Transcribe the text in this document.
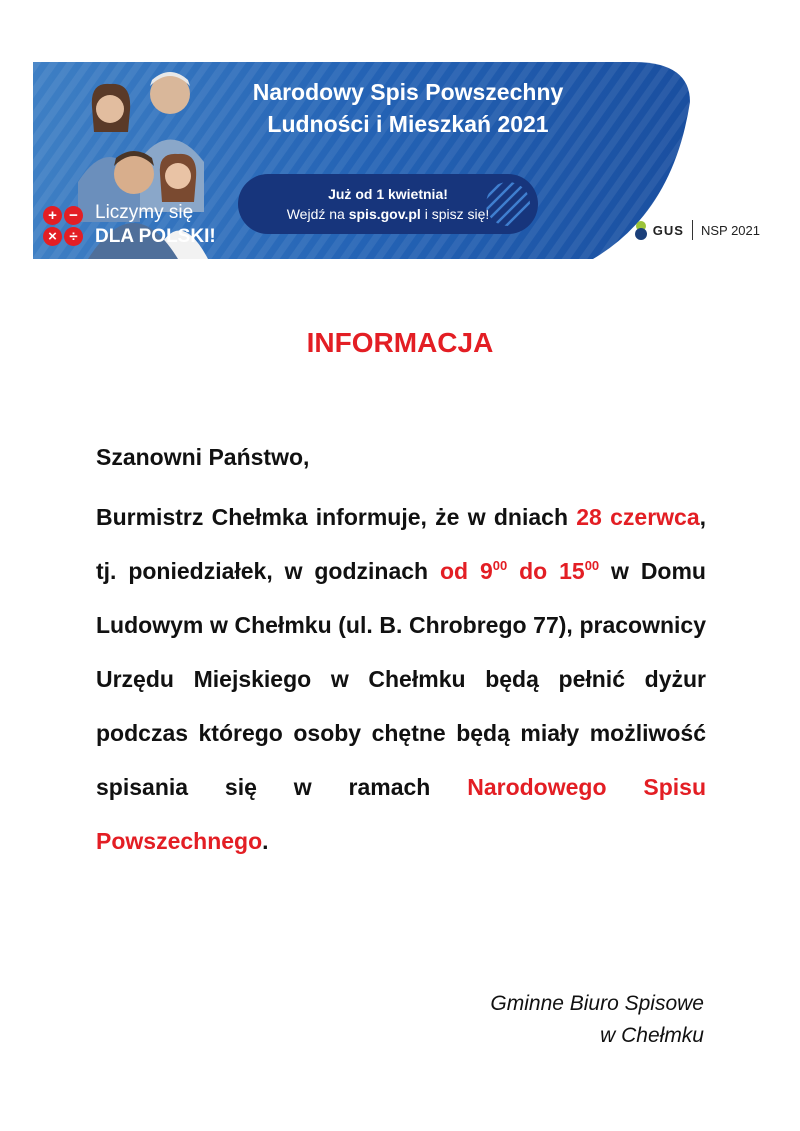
Narodowy Spis Powszechny
Ludności i Mieszkań 2021
Już od 1 kwietnia!
Wejdź na spis.gov.pl i spisz się!
+ −
× ÷
Liczymy się
DLA POLSKI!	GUS NSP 2021
INFORMACJA
Szanowni Państwo,
Burmistrz Chełmka informuje, że w dniach 28 czerwca, tj. poniedziałek, w godzinach od $9^{00}$ do $15^{00}$ w Domu Ludowym w Chełmku (ul. B. Chrobrego 77), pracownicy Urzędu Miejskiego w Chełmku będą pełnić dyżur podczas którego osoby chętne będą miały możliwość spisania się w ramach Narodowego Spisu Powszechnego.
Gminne Biuro Spisowe
w Chełmku
